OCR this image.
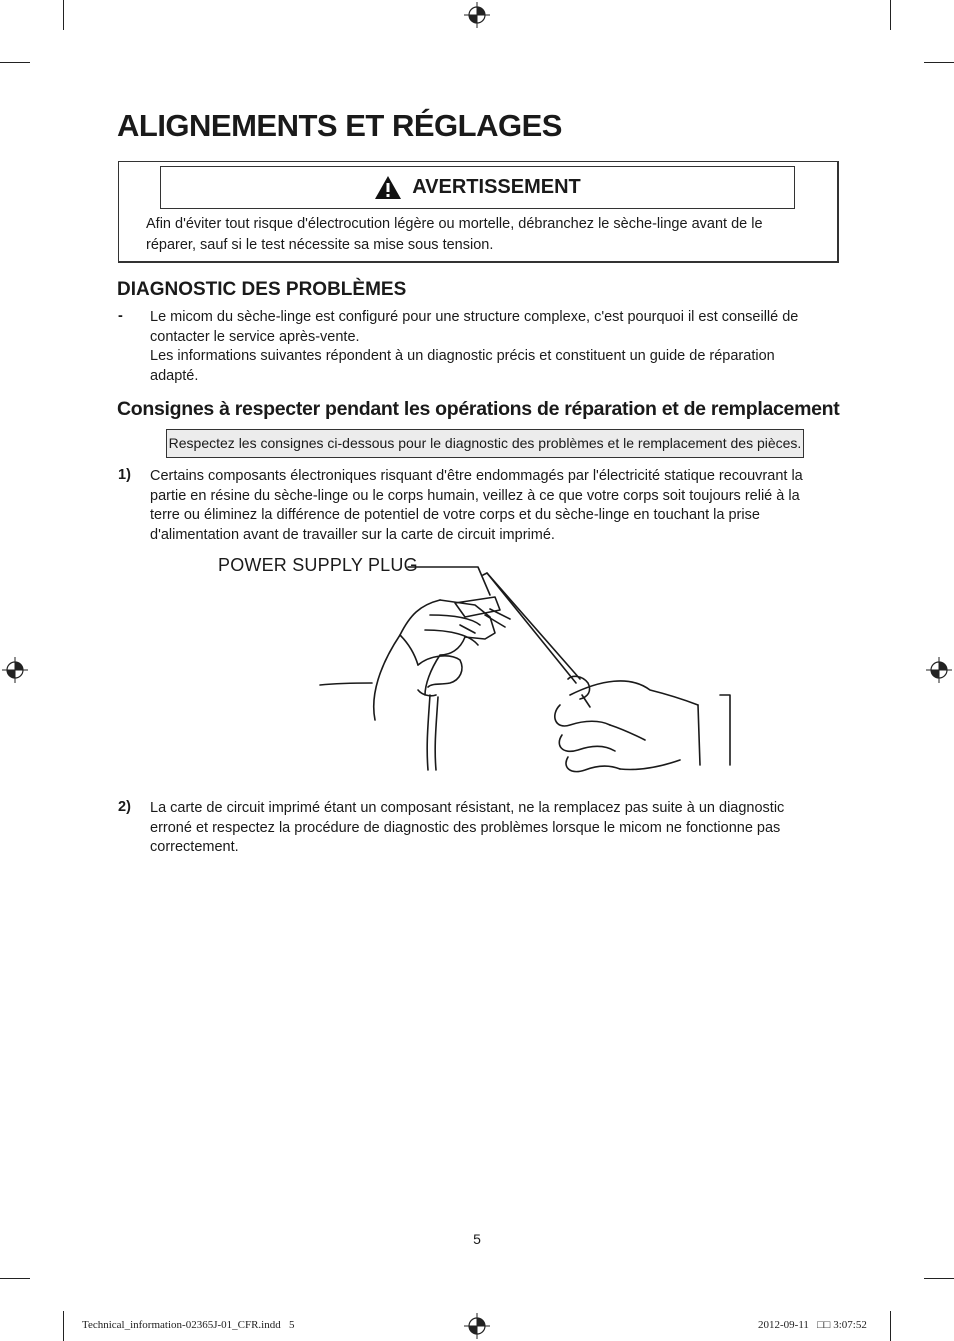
ALIGNEMENTS ET RÉGLAGES
AVERTISSEMENT
Afin d'éviter tout risque d'électrocution légère ou mortelle, débranchez le sèche-linge avant de le réparer, sauf si le test nécessite sa mise sous tension.
DIAGNOSTIC DES PROBLÈMES
- Le micom du sèche-linge est configuré pour une structure complexe, c'est pourquoi il est conseillé de contacter le service après-vente.
Les informations suivantes répondent à un diagnostic précis et constituent un guide de réparation adapté.
Consignes à respecter pendant les opérations de réparation et de remplacement
Respectez les consignes ci-dessous pour le diagnostic des problèmes et le remplacement des pièces.
1) Certains composants électroniques risquant d'être endommagés par l'électricité statique recouvrant la partie en résine du sèche-linge ou le corps humain, veillez à ce que votre corps soit toujours relié à la terre ou éliminez la différence de potentiel de votre corps et du sèche-linge en touchant la prise d'alimentation avant de travailler sur la carte de circuit imprimé.
POWER SUPPLY PLUG
2) La carte de circuit imprimé étant un composant résistant, ne la remplacez pas suite à un diagnostic erroné et respectez la procédure de diagnostic des problèmes lorsque le micom ne fonctionne pas correctement.
5
Technical_information-02365J-01_CFR.indd   5	2012-09-11   □□ 3:07:52
